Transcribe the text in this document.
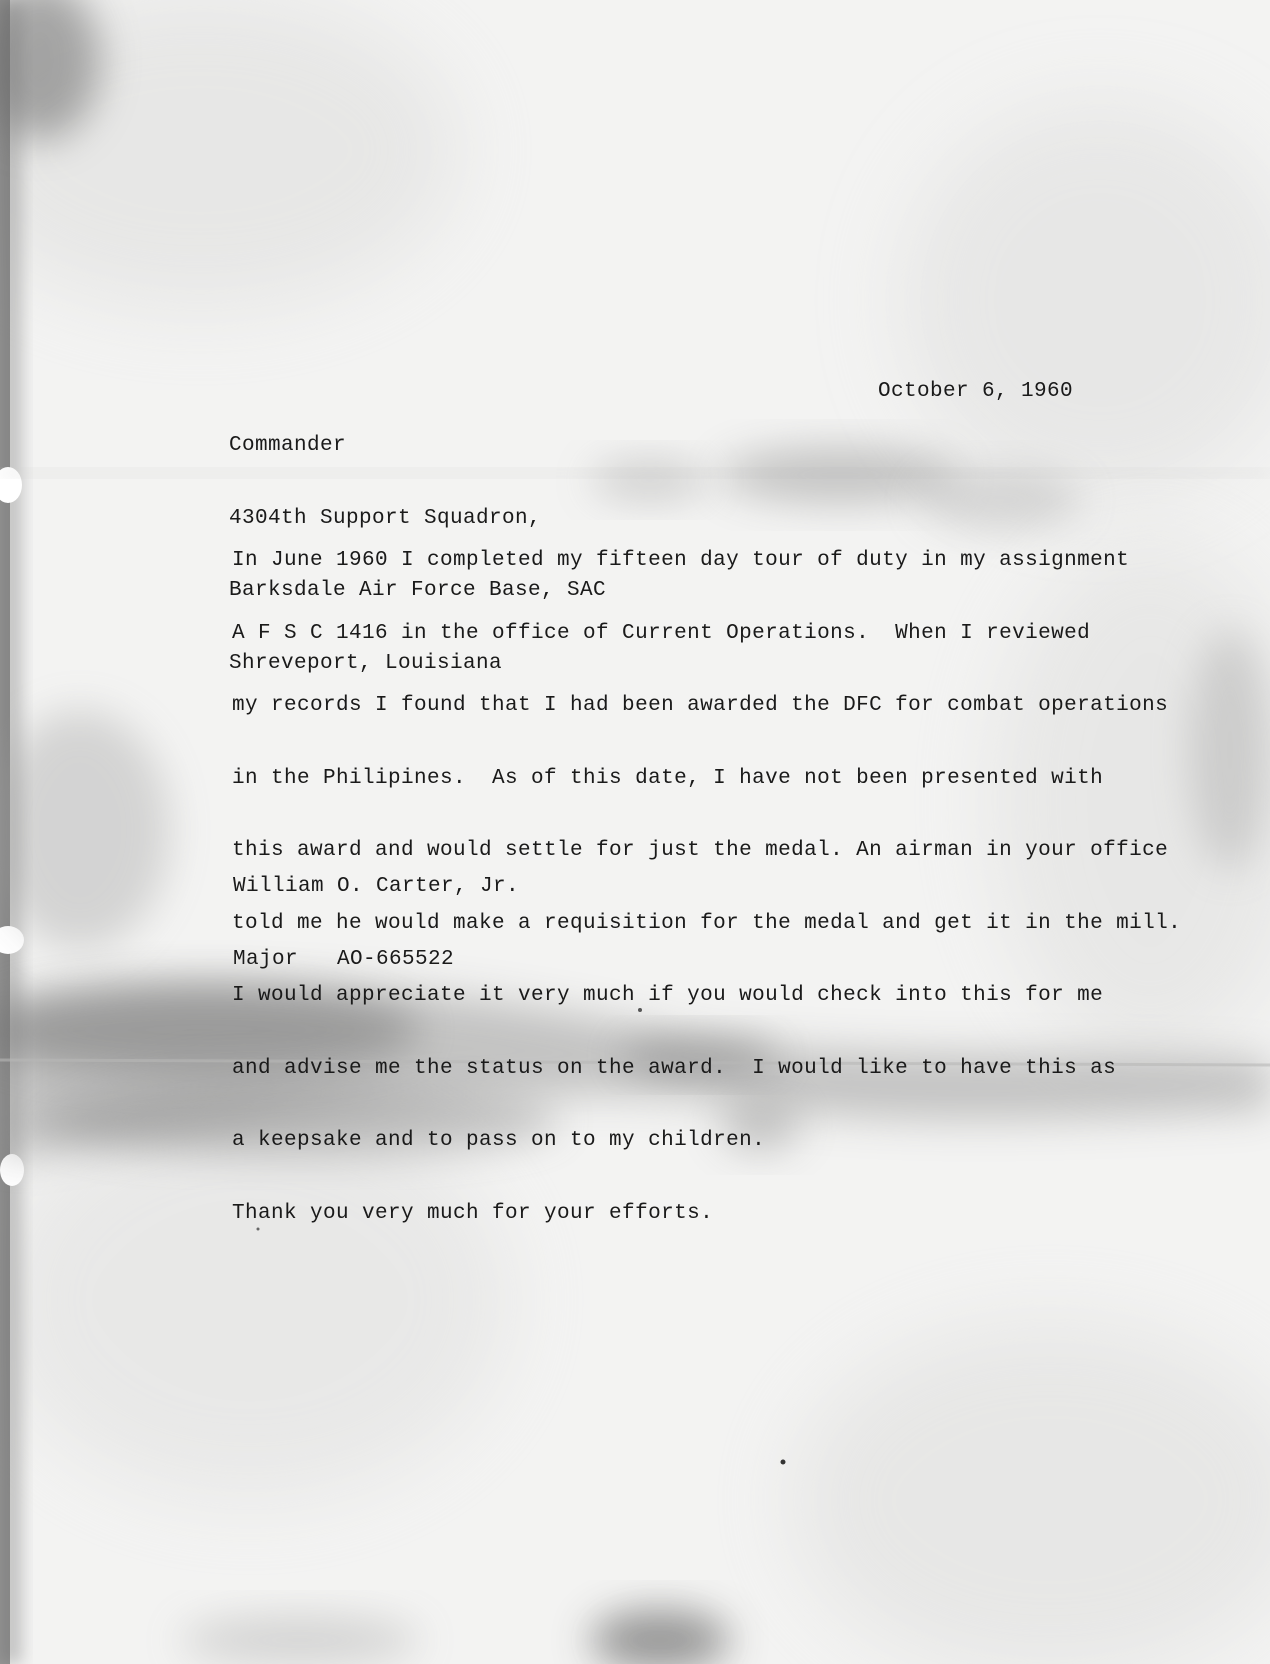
October 6, 1960

Commander

4304th Support Squadron,

Barksdale Air Force Base, SAC

Shreveport, Louisiana

In June 1960 I completed my fifteen day tour of duty in my assignment

A F S C 1416 in the office of Current Operations.  When I reviewed

my records I found that I had been awarded the DFC for combat operations

in the Philipines.  As of this date, I have not been presented with

this award and would settle for just the medal. An airman in your office

told me he would make a requisition for the medal and get it in the mill.

I would appreciate it very much if you would check into this for me

and advise me the status on the award.  I would like to have this as

a keepsake and to pass on to my children.

Thank you very much for your efforts.

William O. Carter, Jr.

Major   AO-665522
